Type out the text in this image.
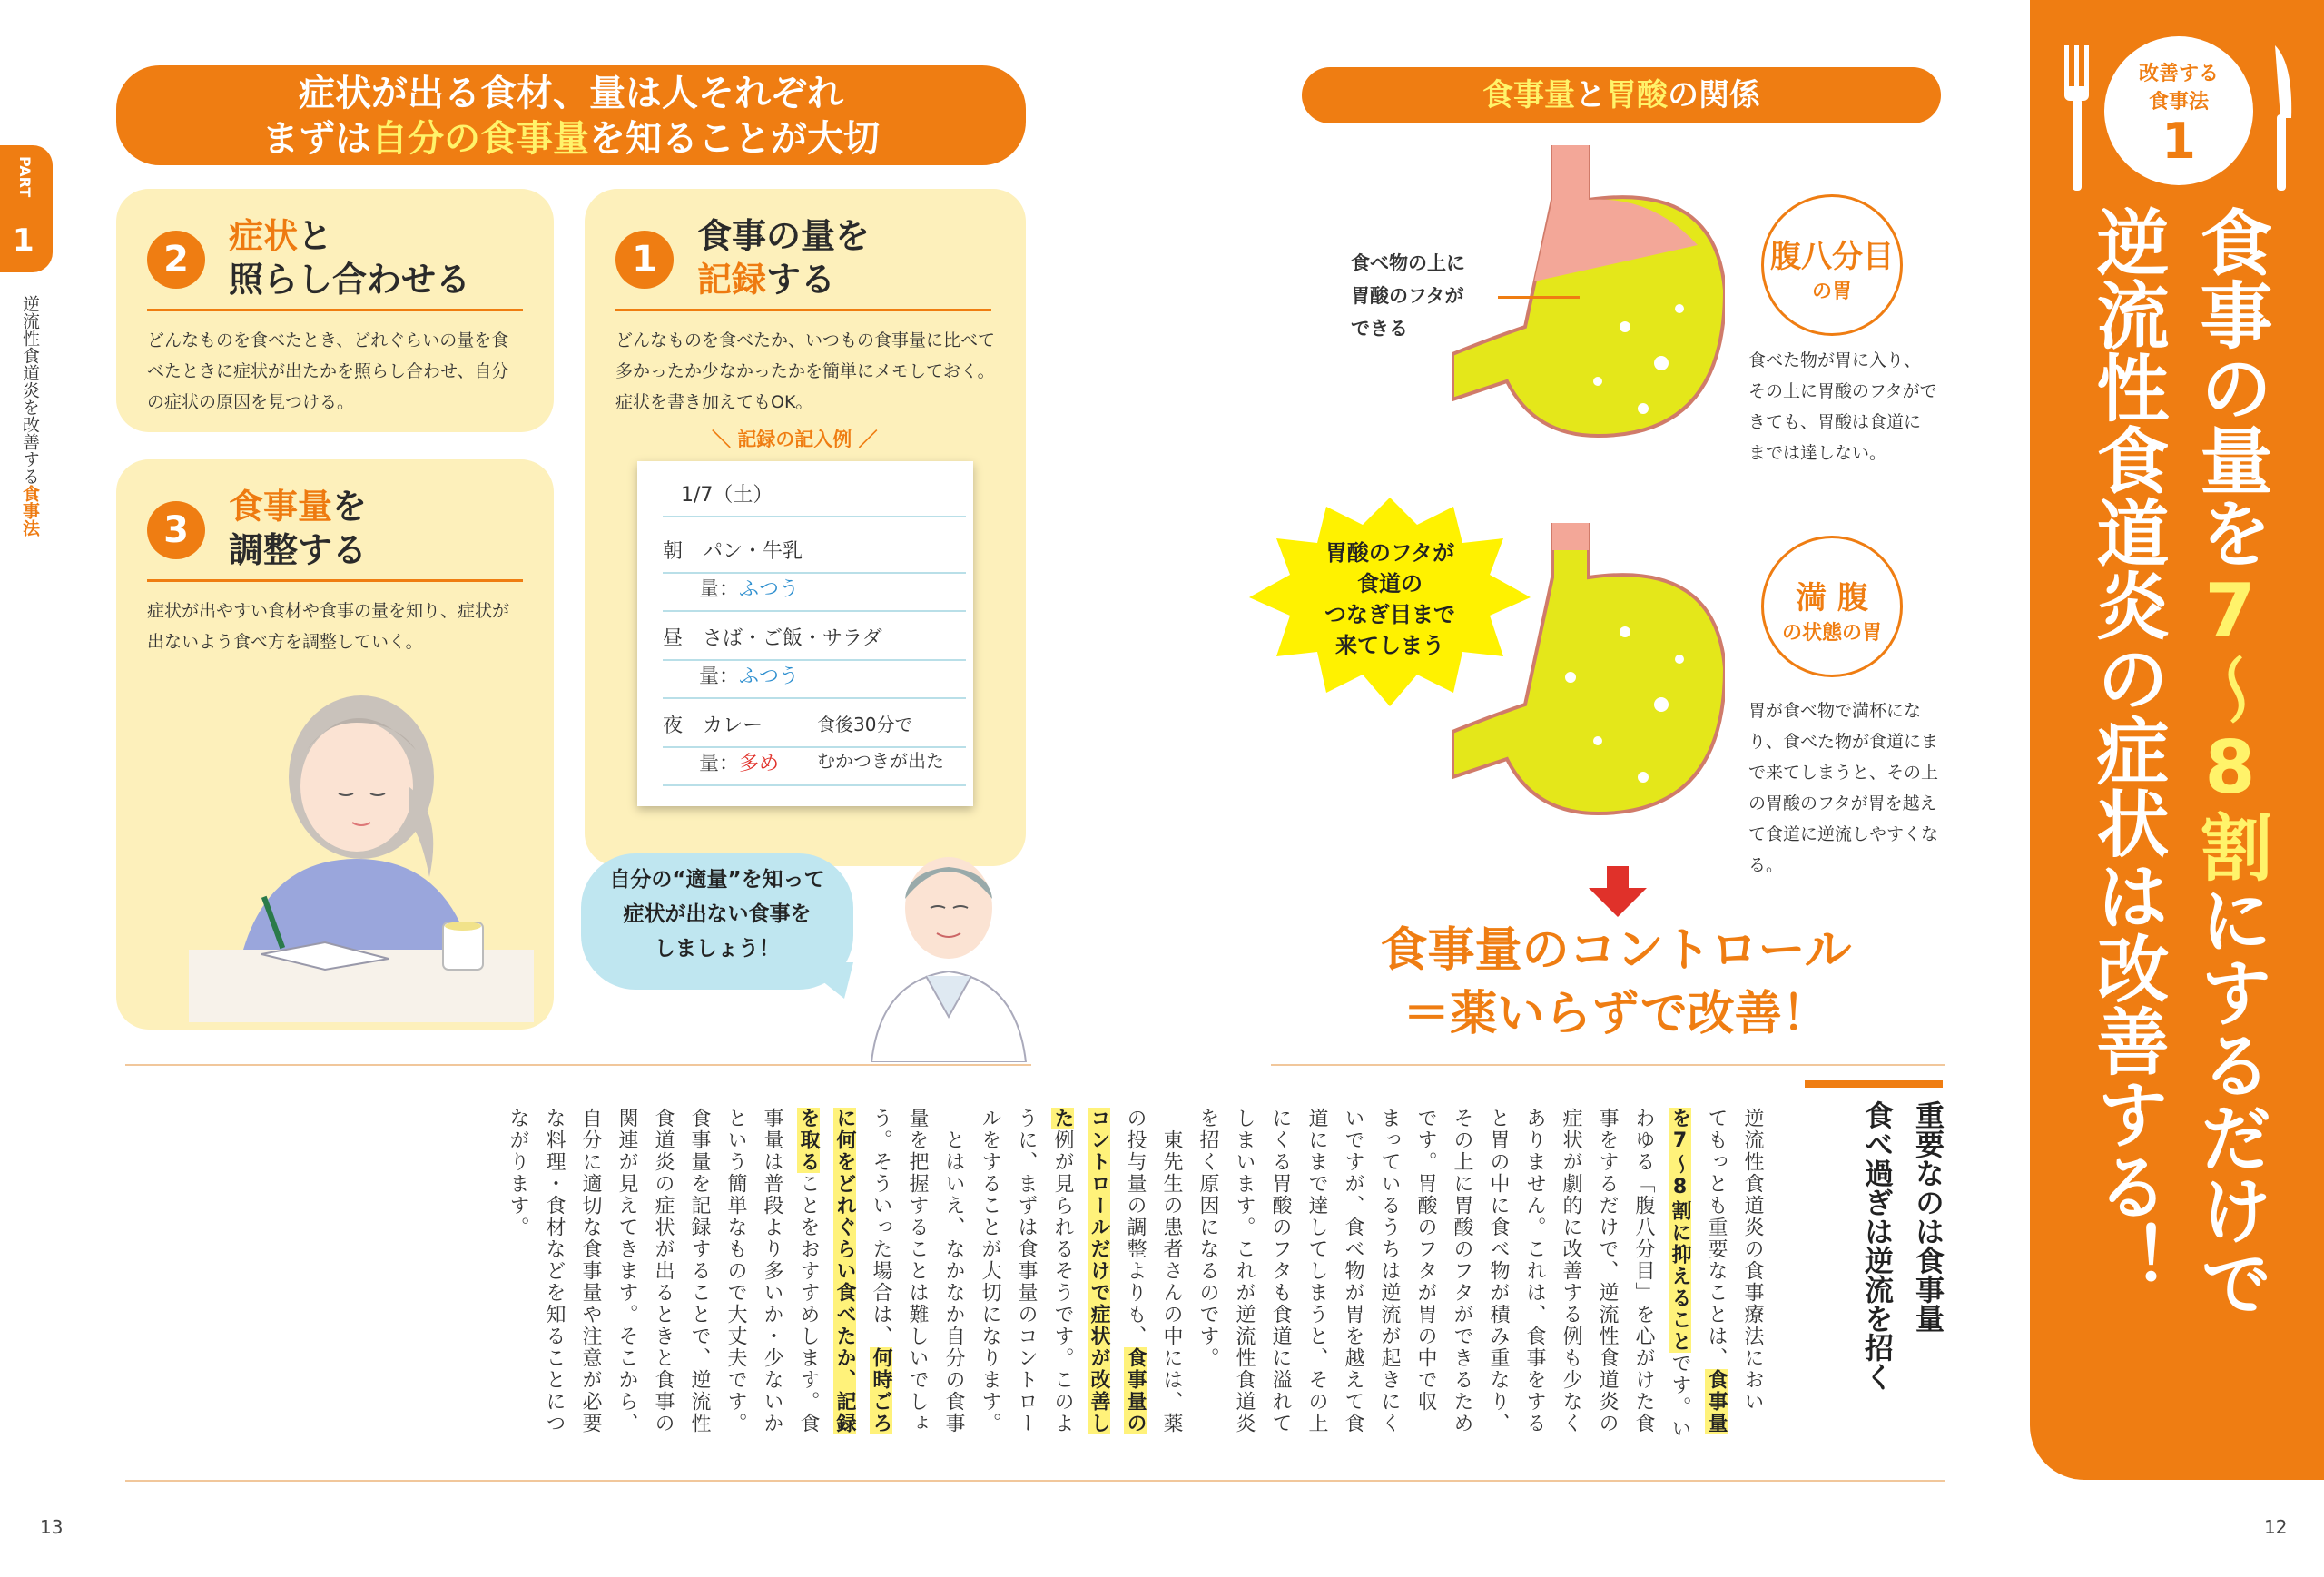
PART
1
逆流性食道炎を改善する食事法
症状が出る食材、量は人それぞれ
まずは自分の食事量を知ることが大切
2
症状と
照らし合わせる
どんなものを食べたとき、どれぐらいの量を食べたときに症状が出たかを照らし合わせ、自分の症状の原因を見つける。
3
食事量を
調整する
症状が出やすい食材や食事の量を知り、症状が出ないよう食べ方を調整していく。
1
食事の量を
記録する
どんなものを食べたか、いつもの食事量に比べて多かったか少なかったかを簡単にメモしておく。症状を書き加えてもOK。
＼ 記録の記入例 ／
1/7（土）
朝　 パン・牛乳
量：ふつう
昼　 さば・ご飯・サラダ
量：ふつう
夜　 カレー	食後30分で
量：多め むかつきが出た
自分の“適量”を知って
症状が出ない食事を
しましょう！
食事量と胃酸の関係
食べ物の上に
胃酸のフタが
できる
腹八分目
の胃
食べた物が胃に入り、その上に胃酸のフタができても、胃酸は食道にまでは達しない。
胃酸のフタが
食道の
つなぎ目まで
来てしまう
満 腹
の状態の胃
胃が食べ物で満杯になり、食べた物が食道にまで来てしまうと、その上の胃酸のフタが胃を越えて食道に逆流しやすくなる。
食事量のコントロール
＝薬いらずで改善！
改善する
食事法
1
食事の量を7～8割にするだけで
逆流性食道炎の症状は改善する！
重要なのは食事量
食べ過ぎは逆流を招く
逆流性食道炎の食事療法においてもっとも重要なことは、食事量を7～8割に抑えることです。いわゆる「腹八分目」を心がけた食事をするだけで、逆流性食道炎の症状が劇的に改善する例も少なくありません。これは、食事をすると胃の中に食べ物が積み重なり、その上に胃酸のフタができるためです。胃酸のフタが胃の中で収まっているうちは逆流が起きにくいですが、食べ物が胃を越えて食道にまで達してしまうと、その上にくる胃酸のフタも食道に溢れてしまいます。これが逆流性食道炎を招く原因になるのです。　東先生の患者さんの中には、薬の投与量の調整よりも、食事量のコントロールだけで症状が改善した例が見られるそうです。このように、まずは食事量のコントロールをすることが大切になります。　とはいえ、なかなか自分の食事量を把握することは難しいでしょう。そういった場合は、何時ごろに何をどれぐらい食べたか、記録を取ることをおすすめします。食事量は普段より多いか・少ないかという簡単なもので大丈夫です。食事量を記録することで、逆流性食道炎の症状が出るときと食事の関連が見えてきます。そこから、自分に適切な食事量や注意が必要な料理・食材などを知ることにつながります。
13	12
